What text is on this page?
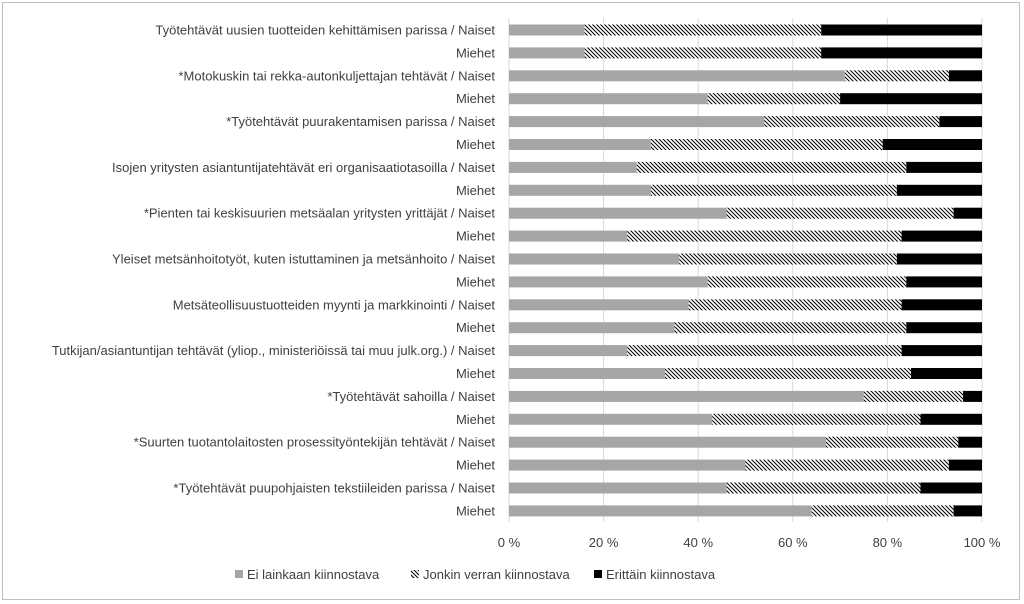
Työtehtävät uusien tuotteiden kehittämisen parissa / Naiset
Miehet
*Motokuskin tai rekka-autonkuljettajan tehtävät / Naiset
Miehet
*Työtehtävät puurakentamisen parissa / Naiset
Miehet
Isojen yritysten asiantuntijatehtävät eri organisaatiotasoilla / Naiset
Miehet
*Pienten tai keskisuurien metsäalan yritysten yrittäjät / Naiset
Miehet
Yleiset metsänhoitotyöt, kuten istuttaminen ja metsänhoito / Naiset
Miehet
Metsäteollisuustuotteiden myynti ja markkinointi / Naiset
Miehet
Tutkijan/asiantuntijan tehtävät (yliop., ministeriöissä tai muu julk.org.) / Naiset
Miehet
*Työtehtävät sahoilla / Naiset
Miehet
*Suurten tuotantolaitosten prosessityöntekijän tehtävät / Naiset
Miehet
*Työtehtävät puupohjaisten tekstiileiden parissa / Naiset
Miehet
0 %	20 %	40 %	60 %	80 %	100 %
Ei lainkaan kiinnostava	Jonkin verran kiinnostava	Erittäin kiinnostava
